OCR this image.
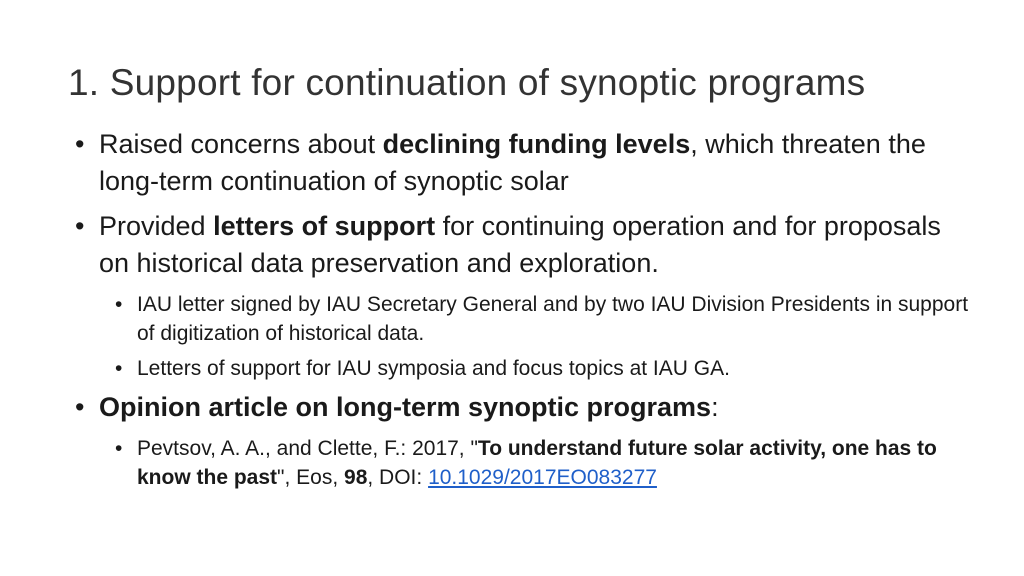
1. Support for continuation of synoptic programs
• Raised concerns about declining funding levels, which threaten the long-term continuation of synoptic solar
• Provided letters of support for continuing operation and for proposals on historical data preservation and exploration.
• IAU letter signed by IAU Secretary General and by two IAU Division Presidents in support of digitization of historical data.
• Letters of support for IAU symposia and focus topics at IAU GA.
• Opinion article on long-term synoptic programs:
• Pevtsov, A. A., and Clette, F.: 2017, "To understand future solar activity, one has to know the past", Eos, 98, DOI: 10.1029/2017EO083277
